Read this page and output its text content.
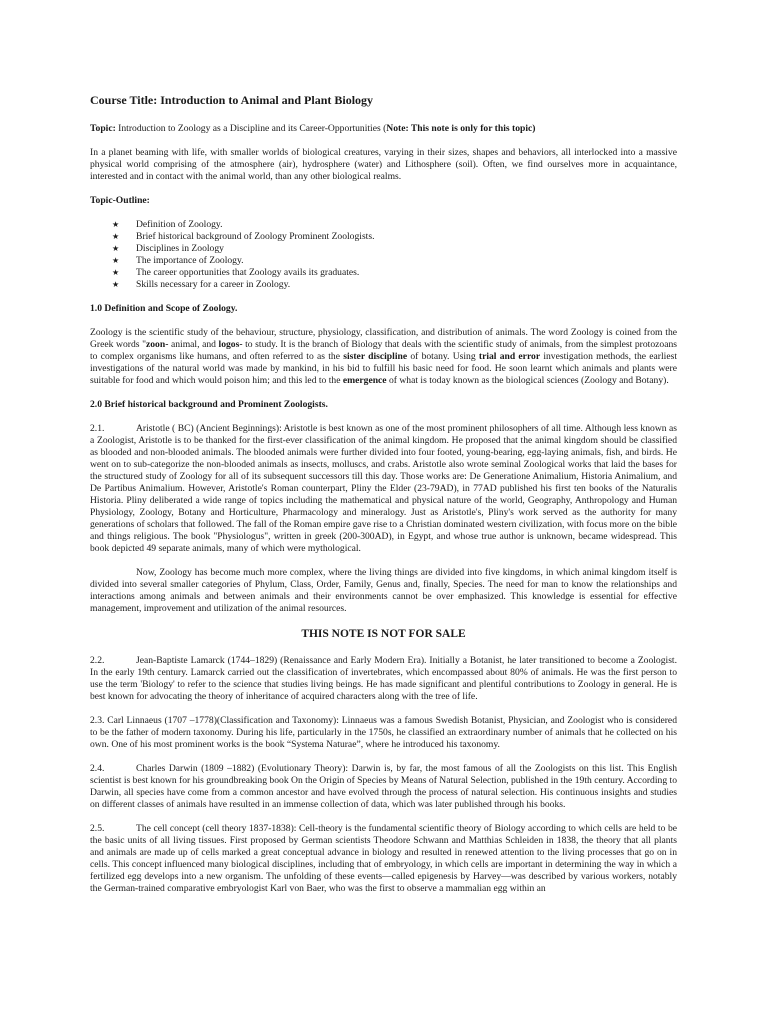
Course Title: Introduction to Animal and Plant Biology

Topic: Introduction to Zoology as a Discipline and its Career-Opportunities (Note: This note is only for this topic)

In a planet beaming with life, with smaller worlds of biological creatures, varying in their sizes, shapes and behaviors, all interlocked into a massive physical world comprising of the atmosphere (air), hydrosphere (water) and Lithosphere (soil). Often, we find ourselves more in acquaintance, interested and in contact with the animal world, than any other biological realms.

Topic-Outline:
★ Definition of Zoology.
★ Brief historical background of Zoology Prominent Zoologists.
★ Disciplines in Zoology
★ The importance of Zoology.
★ The career opportunities that Zoology avails its graduates.
★ Skills necessary for a career in Zoology.
1.0 Definition and Scope of Zoology.

Zoology is the scientific study of the behaviour, structure, physiology, classification, and distribution of animals. The word Zoology is coined from the Greek words "zoon- animal, and logos- to study. It is the branch of Biology that deals with the scientific study of animals, from the simplest protozoans to complex organisms like humans, and often referred to as the sister discipline of botany. Using trial and error investigation methods, the earliest investigations of the natural world was made by mankind, in his bid to fulfill his basic need for food. He soon learnt which animals and plants were suitable for food and which would poison him; and this led to the emergence of what is today known as the biological sciences (Zoology and Botany).

2.0 Brief historical background and Prominent Zoologists.

2.1.	Aristotle ( BC) (Ancient Beginnings): Aristotle is best known as one of the most prominent philosophers of all time. Although less known as a Zoologist, Aristotle is to be thanked for the first-ever classification of the animal kingdom. He proposed that the animal kingdom should be classified as blooded and non-blooded animals. The blooded animals were further divided into four footed, young-bearing, egg-laying animals, fish, and birds. He went on to sub-categorize the non-blooded animals as insects, molluscs, and crabs. Aristotle also wrote seminal Zoological works that laid the bases for the structured study of Zoology for all of its subsequent successors till this day. Those works are: De Generatione Animalium, Historia Animalium, and De Partibus Animalium. However, Aristotle's Roman counterpart, Pliny the Elder (23-79AD), in 77AD published his first ten books of the Naturalis Historia. Pliny deliberated a wide range of topics including the mathematical and physical nature of the world, Geography, Anthropology and Human Physiology, Zoology, Botany and Horticulture, Pharmacology and mineralogy. Just as Aristotle's, Pliny's work served as the authority for many generations of scholars that followed. The fall of the Roman empire gave rise to a Christian dominated western civilization, with focus more on the bible and things religious. The book "Physiologus", written in greek (200-300AD), in Egypt, and whose true author is unknown, became widespread. This book depicted 49 separate animals, many of which were mythological.

Now, Zoology has become much more complex, where the living things are divided into five kingdoms, in which animal kingdom itself is divided into several smaller categories of Phylum, Class, Order, Family, Genus and, finally, Species. The need for man to know the relationships and interactions among animals and between animals and their environments cannot be over emphasized. This knowledge is essential for effective management, improvement and utilization of the animal resources.

THIS NOTE IS NOT FOR SALE

2.2.	Jean-Baptiste Lamarck (1744–1829) (Renaissance and Early Modern Era). Initially a Botanist, he later transitioned to become a Zoologist. In the early 19th century. Lamarck carried out the classification of invertebrates, which encompassed about 80% of animals. He was the first person to use the term 'Biology' to refer to the science that studies living beings. He has made significant and plentiful contributions to Zoology in general. He is best known for advocating the theory of inheritance of acquired characters along with the tree of life.

2.3. Carl Linnaeus (1707 –1778)(Classification and Taxonomy): Linnaeus was a famous Swedish Botanist, Physician, and Zoologist who is considered to be the father of modern taxonomy. During his life, particularly in the 1750s, he classified an extraordinary number of animals that he collected on his own. One of his most prominent works is the book “Systema Naturae”, where he introduced his taxonomy.

2.4.	Charles Darwin (1809 –1882) (Evolutionary Theory): Darwin is, by far, the most famous of all the Zoologists on this list. This English scientist is best known for his groundbreaking book On the Origin of Species by Means of Natural Selection, published in the 19th century. According to Darwin, all species have come from a common ancestor and have evolved through the process of natural selection. His continuous insights and studies on different classes of animals have resulted in an immense collection of data, which was later published through his books.

2.5.	The cell concept (cell theory 1837-1838): Cell-theory is the fundamental scientific theory of Biology according to which cells are held to be the basic units of all living tissues. First proposed by German scientists Theodore Schwann and Matthias Schleiden in 1838, the theory that all plants and animals are made up of cells marked a great conceptual advance in biology and resulted in renewed attention to the living processes that go on in cells. This concept influenced many biological disciplines, including that of embryology, in which cells are important in determining the way in which a fertilized egg develops into a new organism. The unfolding of these events—called epigenesis by Harvey—was described by various workers, notably the German-trained comparative embryologist Karl von Baer, who was the first to observe a mammalian egg within an
